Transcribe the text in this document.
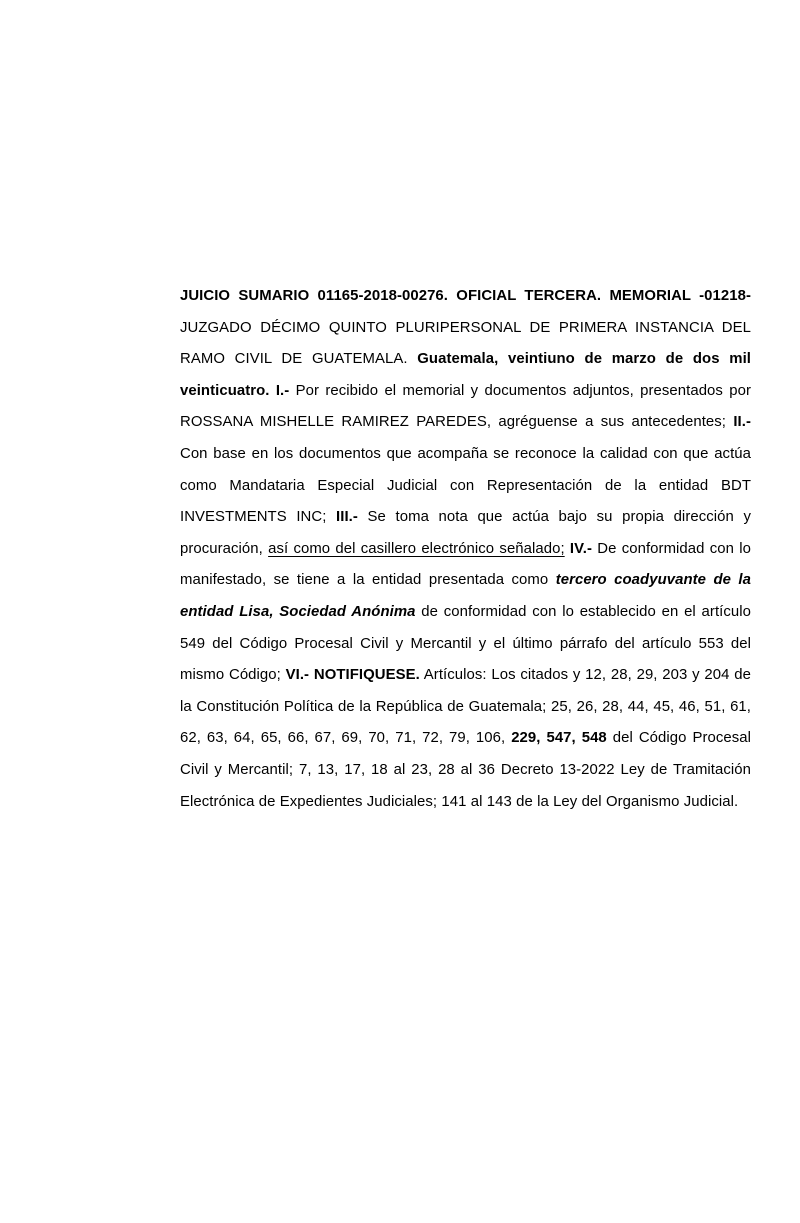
JUICIO SUMARIO 01165-2018-00276. OFICIAL TERCERA. MEMORIAL -01218- JUZGADO DÉCIMO QUINTO PLURIPERSONAL DE PRIMERA INSTANCIA DEL RAMO CIVIL DE GUATEMALA. Guatemala, veintiuno de marzo de dos mil veinticuatro. I.- Por recibido el memorial y documentos adjuntos, presentados por ROSSANA MISHELLE RAMIREZ PAREDES, agréguense a sus antecedentes; II.- Con base en los documentos que acompaña se reconoce la calidad con que actúa como Mandataria Especial Judicial con Representación de la entidad BDT INVESTMENTS INC; III.- Se toma nota que actúa bajo su propia dirección y procuración, así como del casillero electrónico señalado; IV.- De conformidad con lo manifestado, se tiene a la entidad presentada como tercero coadyuvante de la entidad Lisa, Sociedad Anónima de conformidad con lo establecido en el artículo 549 del Código Procesal Civil y Mercantil y el último párrafo del artículo 553 del mismo Código; VI.- NOTIFIQUESE. Artículos: Los citados y 12, 28, 29, 203 y 204 de la Constitución Política de la República de Guatemala; 25, 26, 28, 44, 45, 46, 51, 61, 62, 63, 64, 65, 66, 67, 69, 70, 71, 72, 79, 106, 229, 547, 548 del Código Procesal Civil y Mercantil; 7, 13, 17, 18 al 23, 28 al 36 Decreto 13-2022 Ley de Tramitación Electrónica de Expedientes Judiciales; 141 al 143 de la Ley del Organismo Judicial.
